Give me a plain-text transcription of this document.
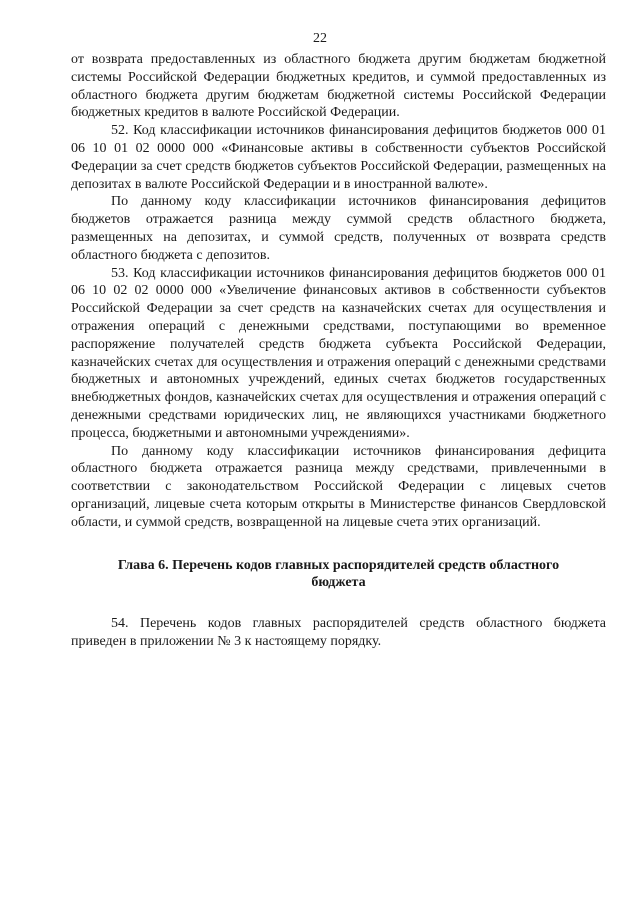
22

от возврата предоставленных из областного бюджета другим бюджетам бюджетной системы Российской Федерации бюджетных кредитов, и суммой предоставленных из областного бюджета другим бюджетам бюджетной системы Российской Федерации бюджетных кредитов в валюте Российской Федерации.

52. Код классификации источников финансирования дефицитов бюджетов 000 01 06 10 01 02 0000 000 «Финансовые активы в собственности субъектов Российской Федерации за счет средств бюджетов субъектов Российской Федерации, размещенных на депозитах в валюте Российской Федерации и в иностранной валюте».

По данному коду классификации источников финансирования дефицитов бюджетов отражается разница между суммой средств областного бюджета, размещенных на депозитах, и суммой средств, полученных от возврата средств областного бюджета с депозитов.

53. Код классификации источников финансирования дефицитов бюджетов 000 01 06 10 02 02 0000 000 «Увеличение финансовых активов в собственности субъектов Российской Федерации за счет средств на казначейских счетах для осуществления и отражения операций с денежными средствами, поступающими во временное распоряжение получателей средств бюджета субъекта Российской Федерации, казначейских счетах для осуществления и отражения операций с денежными средствами бюджетных и автономных учреждений, единых счетах бюджетов государственных внебюджетных фондов, казначейских счетах для осуществления и отражения операций с денежными средствами юридических лиц, не являющихся участниками бюджетного процесса, бюджетными и автономными учреждениями».

По данному коду классификации источников финансирования дефицита областного бюджета отражается разница между средствами, привлеченными в соответствии с законодательством Российской Федерации с лицевых счетов организаций, лицевые счета которым открыты в Министерстве финансов Свердловской области, и суммой средств, возвращенной на лицевые счета этих организаций.

Глава 6. Перечень кодов главных распорядителей средств областного бюджета

54. Перечень кодов главных распорядителей средств областного бюджета приведен в приложении № 3 к настоящему порядку.
